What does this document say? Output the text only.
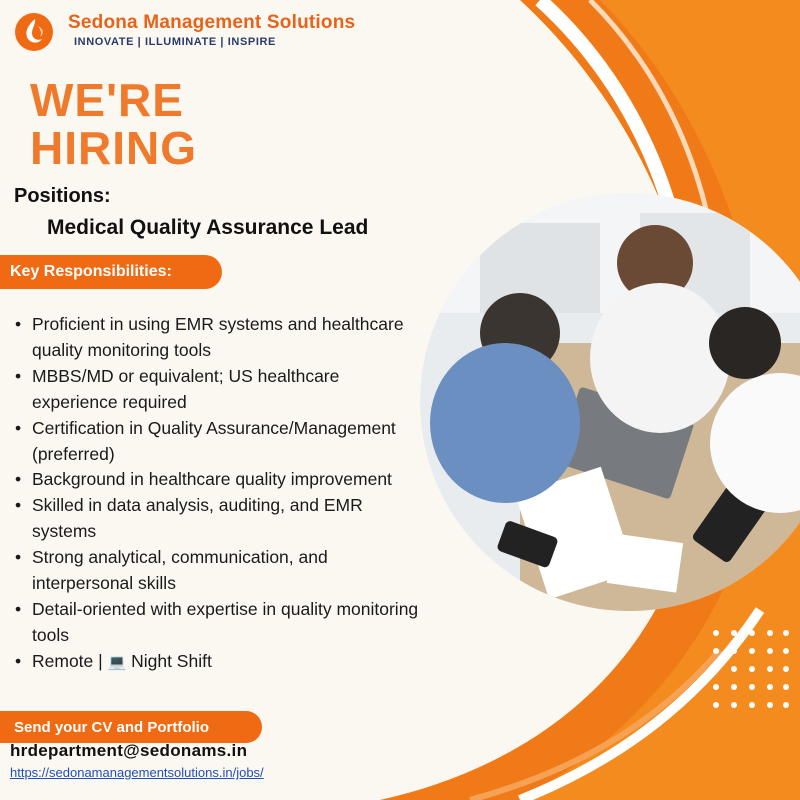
Sedona Management Solutions
INNOVATE | ILLUMINATE | INSPIRE
WE'RE
HIRING
Positions:
Medical Quality Assurance Lead
Key Responsibilities:
• Proficient in using EMR systems and healthcare quality monitoring tools
• MBBS/MD or equivalent; US healthcare experience required
• Certification in Quality Assurance/Management (preferred)
• Background in healthcare quality improvement
• Skilled in data analysis, auditing, and EMR systems
• Strong analytical, communication, and interpersonal skills
• Detail-oriented with expertise in quality monitoring tools
• Remote | 💻 Night Shift
Send your CV and Portfolio
hrdepartment@sedonams.in
https://sedonamanagementsolutions.in/jobs/
